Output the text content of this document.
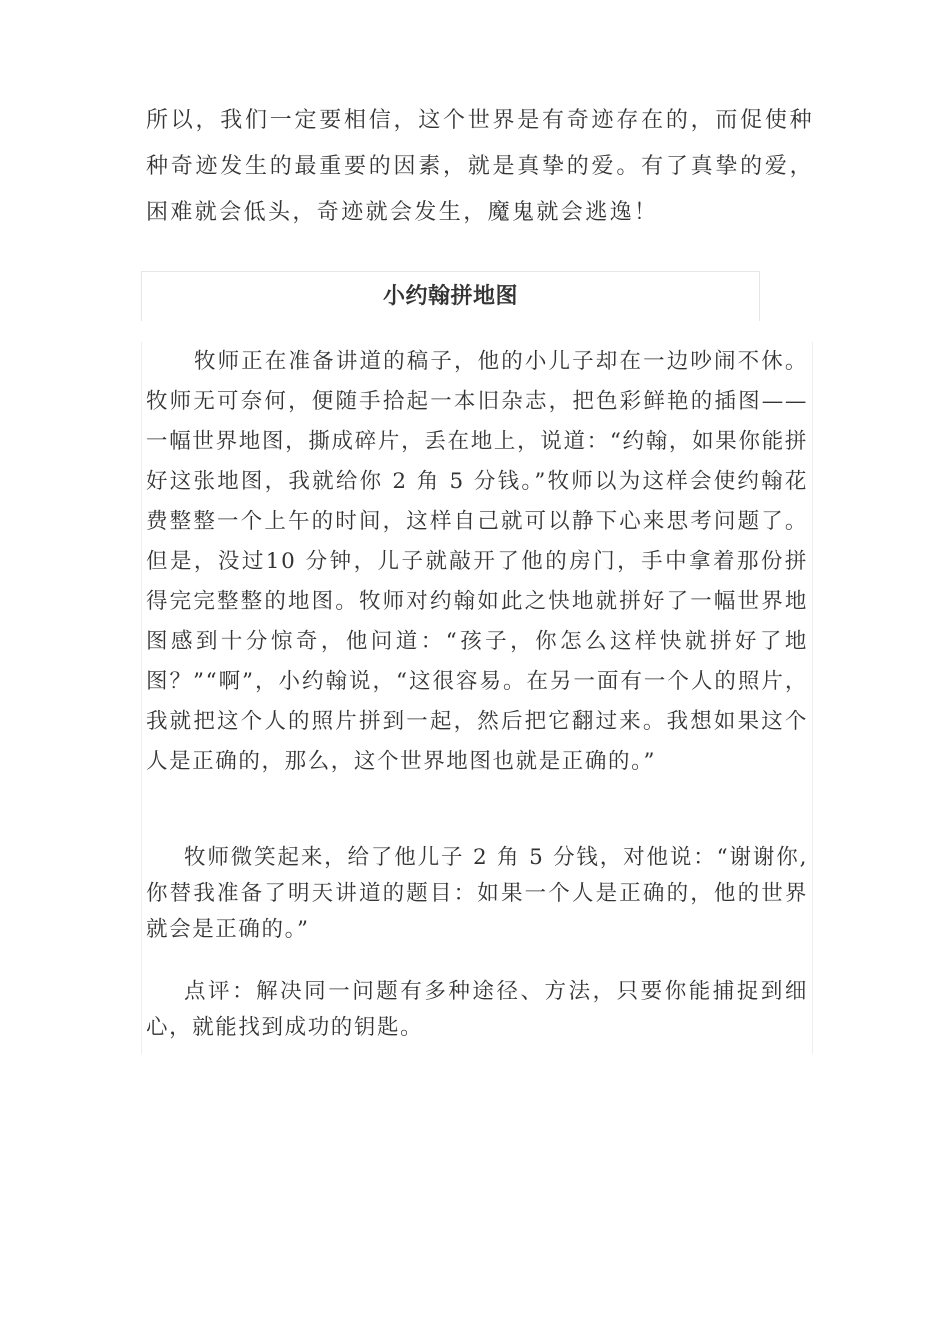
所以，我们一定要相信，这个世界是有奇迹存在的，而促使种种奇迹发生的最重要的因素，就是真挚的爱。有了真挚的爱，困难就会低头，奇迹就会发生，魔鬼就会逃逸！

小约翰拼地图

牧师正在准备讲道的稿子，他的小儿子却在一边吵闹不休。牧师无可奈何，便随手拾起一本旧杂志，把色彩鲜艳的插图——一幅世界地图，撕成碎片，丢在地上，说道：“约翰，如果你能拼好这张地图，我就给你 2 角 5 分钱。”牧师以为这样会使约翰花费整整一个上午的时间，这样自己就可以静下心来思考问题了。但是，没过10 分钟，儿子就敲开了他的房门，手中拿着那份拼得完完整整的地图。牧师对约翰如此之快地就拼好了一幅世界地图感到十分惊奇，他问道：“孩子，你怎么这样快就拼好了地图？”“啊”，小约翰说，“这很容易。在另一面有一个人的照片，我就把这个人的照片拼到一起，然后把它翻过来。我想如果这个人是正确的，那么，这个世界地图也就是正确的。”

牧师微笑起来，给了他儿子 2 角 5 分钱，对他说：“谢谢你,你替我准备了明天讲道的题目：如果一个人是正确的，他的世界就会是正确的。”

点评：解决同一问题有多种途径、方法，只要你能捕捉到细心，就能找到成功的钥匙。
